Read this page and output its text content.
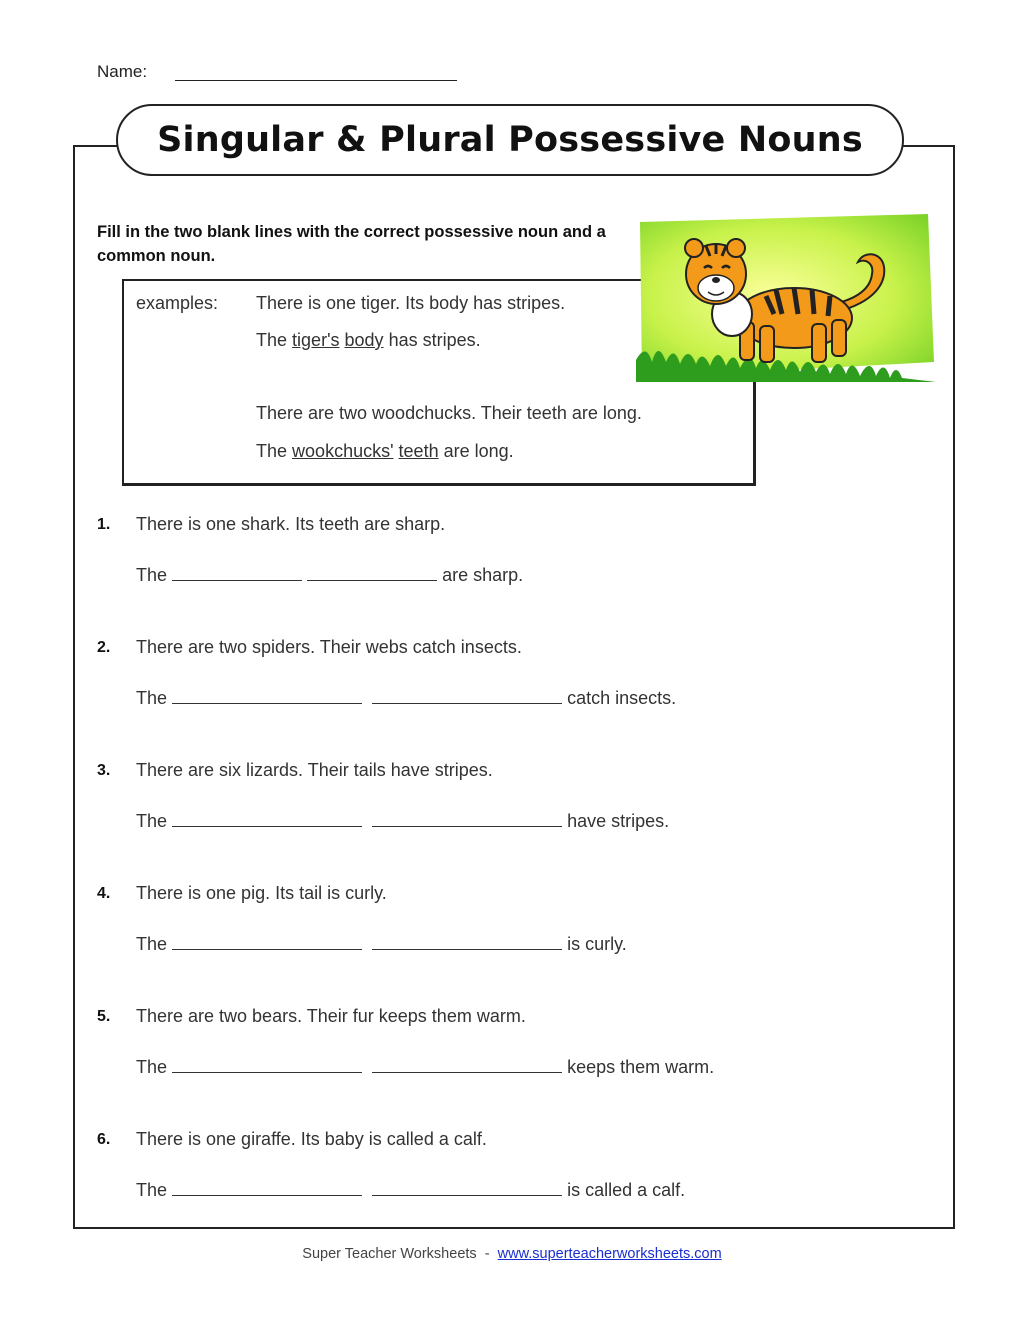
Name:
Singular & Plural Possessive Nouns
Fill in the two blank lines with the correct possessive noun and a common noun.
examples: There is one tiger. Its body has stripes.
The tiger's body has stripes.
There are two woodchucks. Their teeth are long.
The wookchucks' teeth are long.
1. There is one shark. Its teeth are sharp.
The	are sharp.
2. There are two spiders. Their webs catch insects.
The	catch insects.
3. There are six lizards. Their tails have stripes.
The	have stripes.
4. There is one pig. Its tail is curly.
The	is curly.
5. There are two bears. Their fur keeps them warm.
The	keeps them warm.
6. There is one giraffe. Its baby is called a calf.
The	is called a calf.
Super Teacher Worksheets - www.superteacherworksheets.com
